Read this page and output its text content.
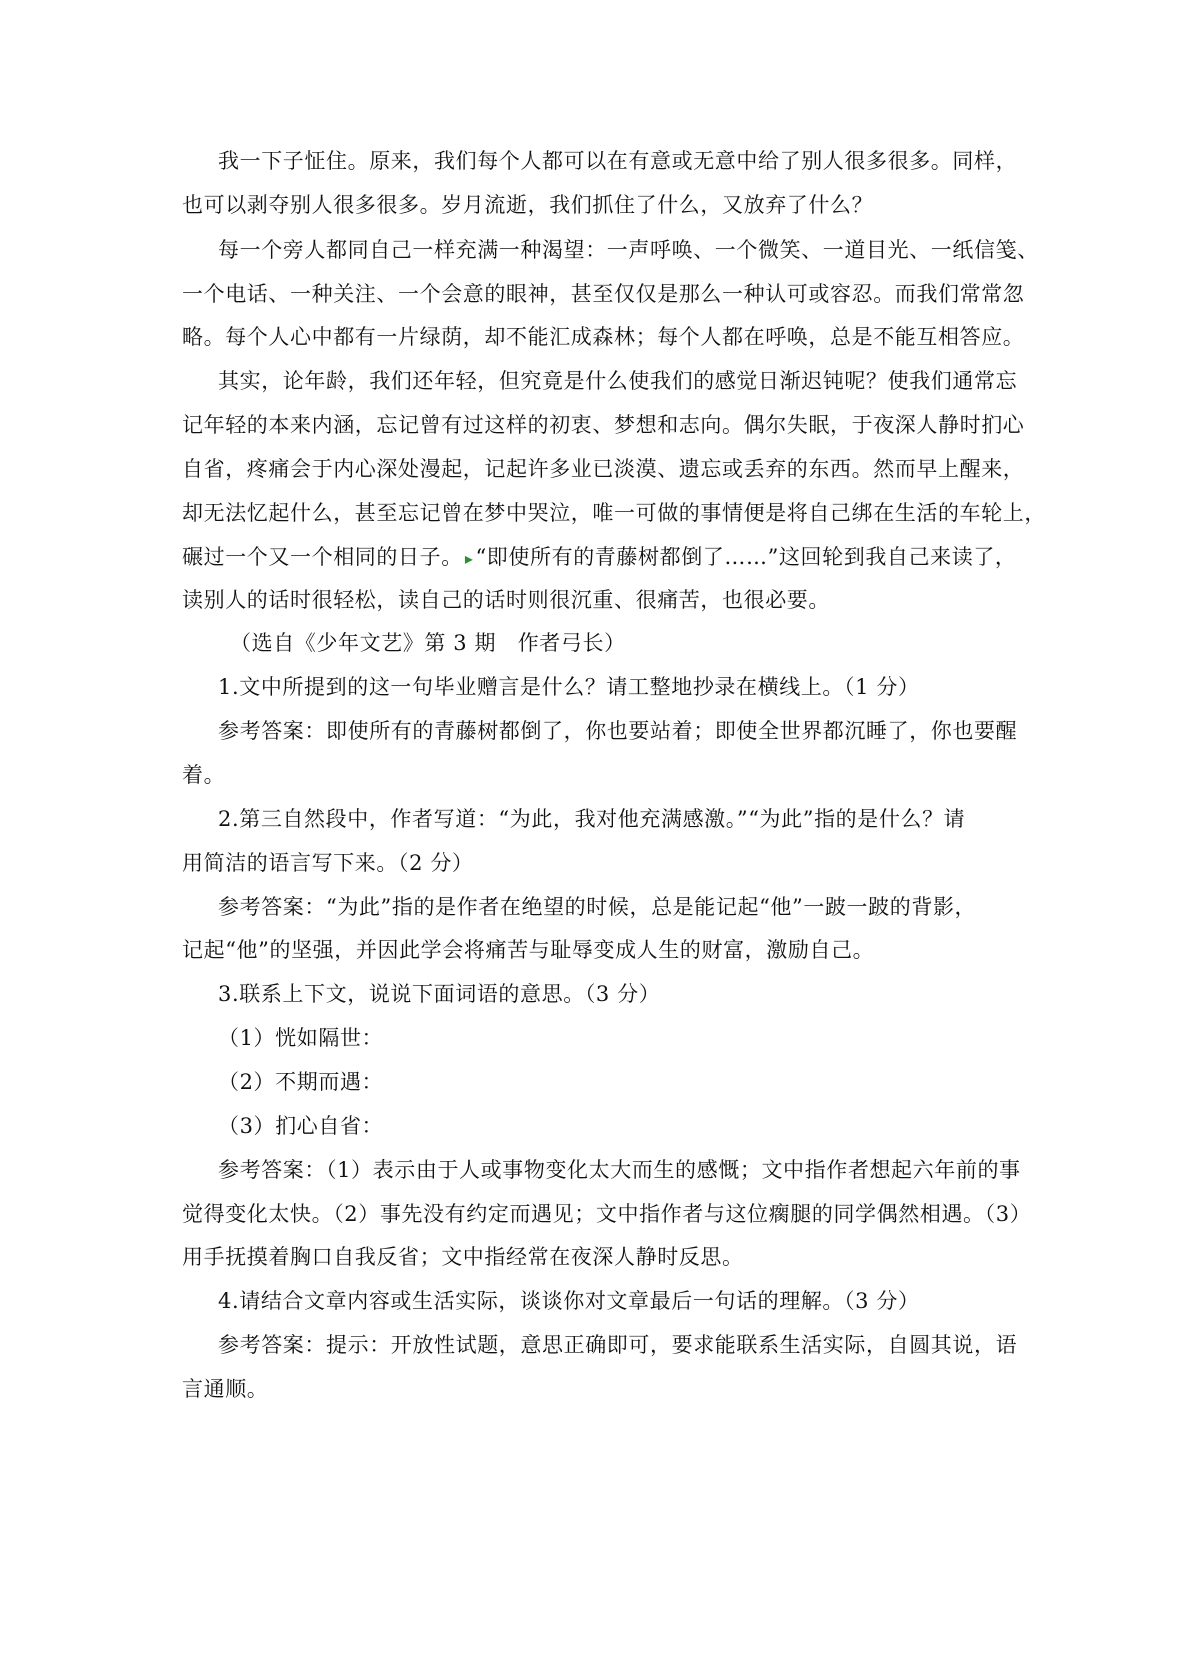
我一下子怔住。原来，我们每个人都可以在有意或无意中给了别人很多很多。同样，
也可以剥夺别人很多很多。岁月流逝，我们抓住了什么，又放弃了什么？
每一个旁人都同自己一样充满一种渴望：一声呼唤、一个微笑、一道目光、一纸信笺、
一个电话、一种关注、一个会意的眼神，甚至仅仅是那么一种认可或容忍。而我们常常忽
略。每个人心中都有一片绿荫，却不能汇成森林；每个人都在呼唤，总是不能互相答应。
其实，论年龄，我们还年轻，但究竟是什么使我们的感觉日渐迟钝呢？使我们通常忘
记年轻的本来内涵，忘记曾有过这样的初衷、梦想和志向。偶尔失眠，于夜深人静时扪心
自省，疼痛会于内心深处漫起，记起许多业已淡漠、遗忘或丢弃的东西。然而早上醒来，
却无法忆起什么，甚至忘记曾在梦中哭泣，唯一可做的事情便是将自己绑在生活的车轮上，
碾过一个又一个相同的日子。 ▸“即使所有的青藤树都倒了……”这回轮到我自己来读了，
读别人的话时很轻松，读自己的话时则很沉重、很痛苦，也很必要。
（选自《少年文艺》第 3 期　作者弓长）
1.文中所提到的这一句毕业赠言是什么？请工整地抄录在横线上。（1 分）
参考答案：即使所有的青藤树都倒了，你也要站着；即使全世界都沉睡了，你也要醒
着。
2.第三自然段中，作者写道：“为此，我对他充满感激。”“为此”指的是什么？请
用简洁的语言写下来。（2 分）
参考答案：“为此”指的是作者在绝望的时候，总是能记起“他”一跛一跛的背影，
记起“他”的坚强，并因此学会将痛苦与耻辱变成人生的财富，激励自己。
3.联系上下文，说说下面词语的意思。（3 分）
（1）恍如隔世：
（2）不期而遇：
（3）扪心自省：
参考答案：（1）表示由于人或事物变化太大而生的感慨；文中指作者想起六年前的事
觉得变化太快。（2）事先没有约定而遇见；文中指作者与这位瘸腿的同学偶然相遇。（3）
用手抚摸着胸口自我反省；文中指经常在夜深人静时反思。
4.请结合文章内容或生活实际，谈谈你对文章最后一句话的理解。（3 分）
参考答案：提示：开放性试题，意思正确即可，要求能联系生活实际，自圆其说，语
言通顺。
